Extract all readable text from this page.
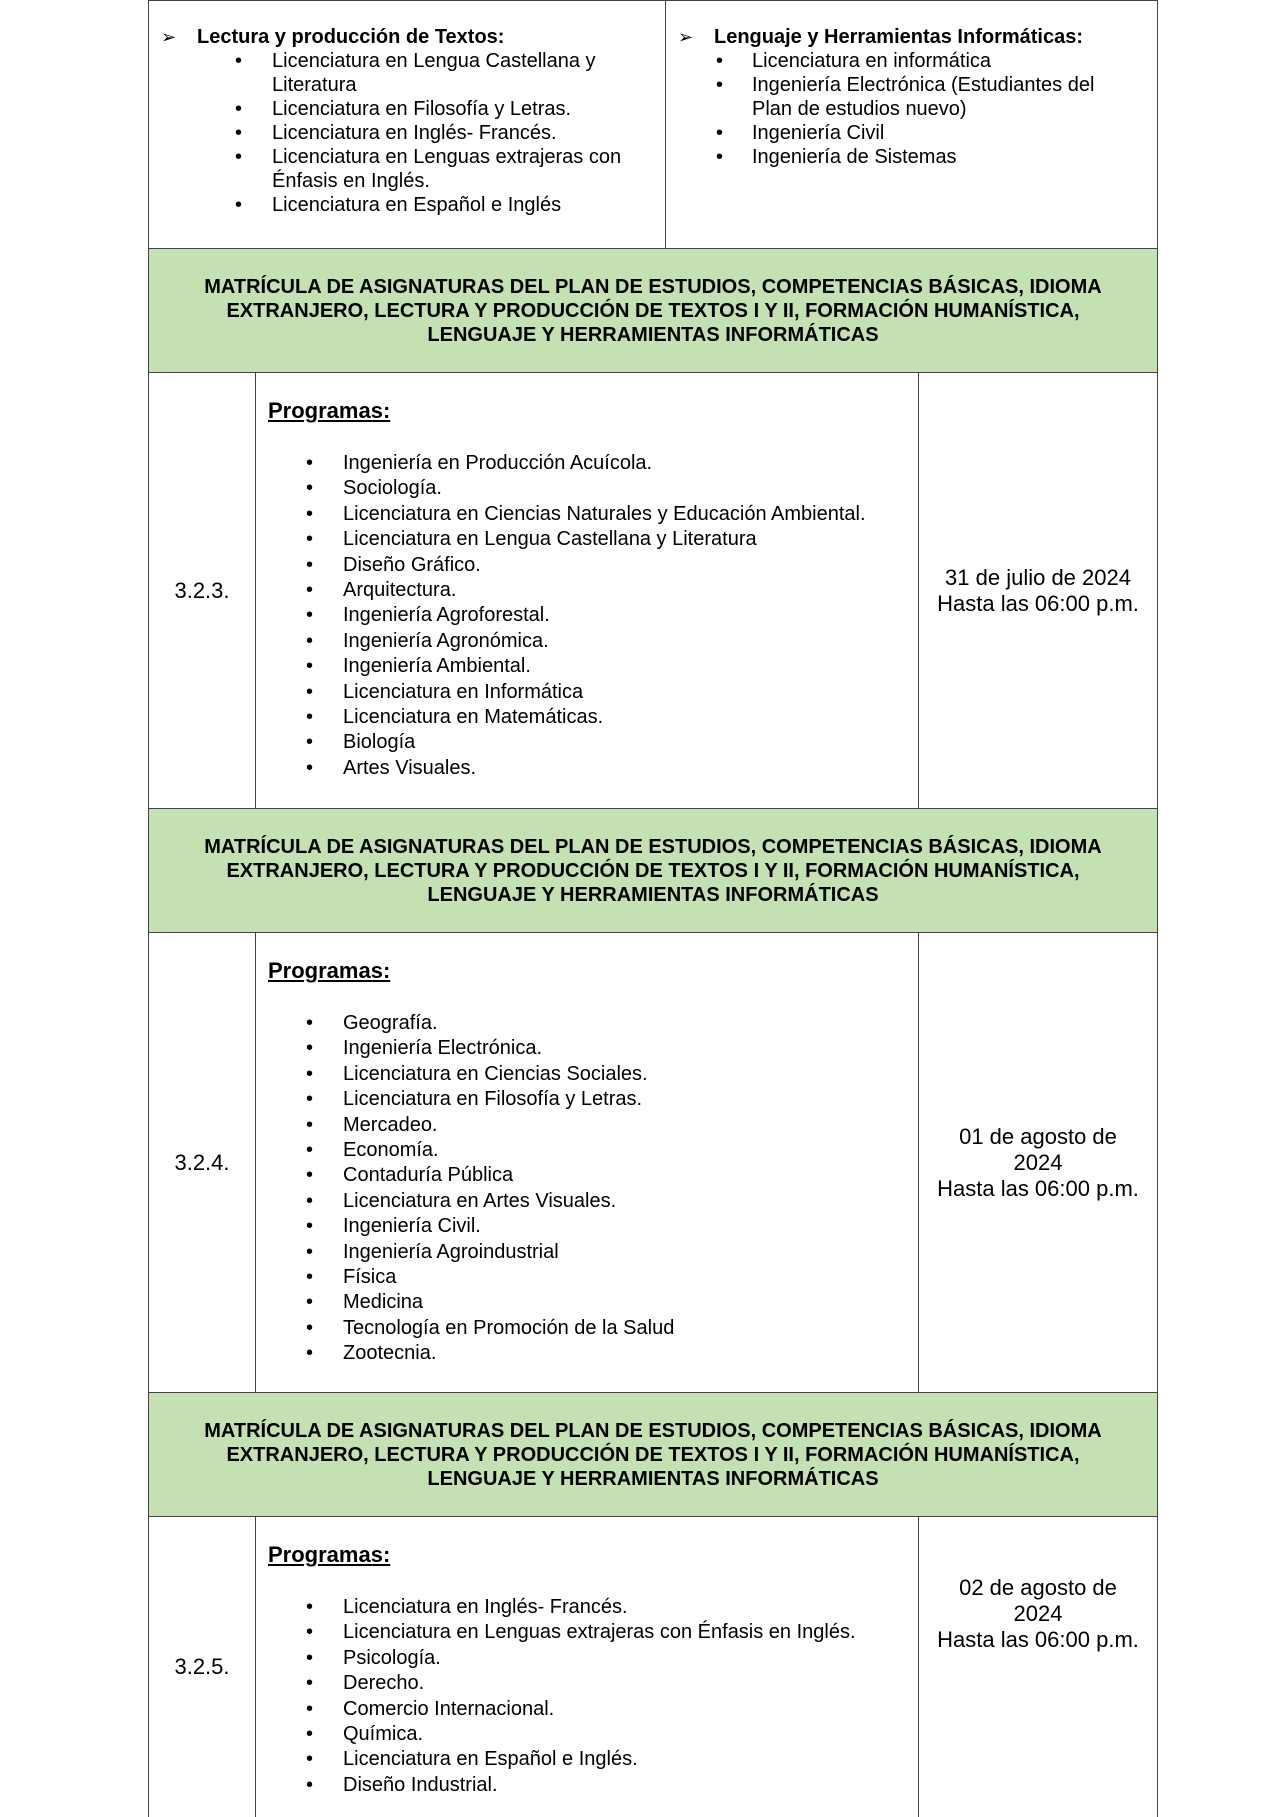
➢ Lectura y producción de Textos:
• Licenciatura en Lengua Castellana y Literatura
• Licenciatura en Filosofía y Letras.
• Licenciatura en Inglés- Francés.
• Licenciatura en Lenguas extrajeras con Énfasis en Inglés.
• Licenciatura en Español e Inglés
➢ Lenguaje y Herramientas Informáticas:
• Licenciatura en informática
• Ingeniería Electrónica (Estudiantes del Plan de estudios nuevo)
• Ingeniería Civil
• Ingeniería de Sistemas
MATRÍCULA DE ASIGNATURAS DEL PLAN DE ESTUDIOS, COMPETENCIAS BÁSICAS, IDIOMA EXTRANJERO, LECTURA Y PRODUCCIÓN DE TEXTOS I Y II, FORMACIÓN HUMANÍSTICA, LENGUAJE Y HERRAMIENTAS INFORMÁTICAS
3.2.3.
Programas:
• Ingeniería en Producción Acuícola.
• Sociología.
• Licenciatura en Ciencias Naturales y Educación Ambiental.
• Licenciatura en Lengua Castellana y Literatura
• Diseño Gráfico.
• Arquitectura.
• Ingeniería Agroforestal.
• Ingeniería Agronómica.
• Ingeniería Ambiental.
• Licenciatura en Informática
• Licenciatura en Matemáticas.
• Biología
• Artes Visuales.
31 de julio de 2024
Hasta las 06:00 p.m.
MATRÍCULA DE ASIGNATURAS DEL PLAN DE ESTUDIOS, COMPETENCIAS BÁSICAS, IDIOMA EXTRANJERO, LECTURA Y PRODUCCIÓN DE TEXTOS I Y II, FORMACIÓN HUMANÍSTICA, LENGUAJE Y HERRAMIENTAS INFORMÁTICAS
3.2.4.
Programas:
• Geografía.
• Ingeniería Electrónica.
• Licenciatura en Ciencias Sociales.
• Licenciatura en Filosofía y Letras.
• Mercadeo.
• Economía.
• Contaduría Pública
• Licenciatura en Artes Visuales.
• Ingeniería Civil.
• Ingeniería Agroindustrial
• Física
• Medicina
• Tecnología en Promoción de la Salud
• Zootecnia.
01 de agosto de 2024
Hasta las 06:00 p.m.
MATRÍCULA DE ASIGNATURAS DEL PLAN DE ESTUDIOS, COMPETENCIAS BÁSICAS, IDIOMA EXTRANJERO, LECTURA Y PRODUCCIÓN DE TEXTOS I Y II, FORMACIÓN HUMANÍSTICA, LENGUAJE Y HERRAMIENTAS INFORMÁTICAS
3.2.5.
Programas:
• Licenciatura en Inglés- Francés.
• Licenciatura en Lenguas extrajeras con Énfasis en Inglés.
• Psicología.
• Derecho.
• Comercio Internacional.
• Química.
• Licenciatura en Español e Inglés.
• Diseño Industrial.
02 de agosto de 2024
Hasta las 06:00 p.m.
